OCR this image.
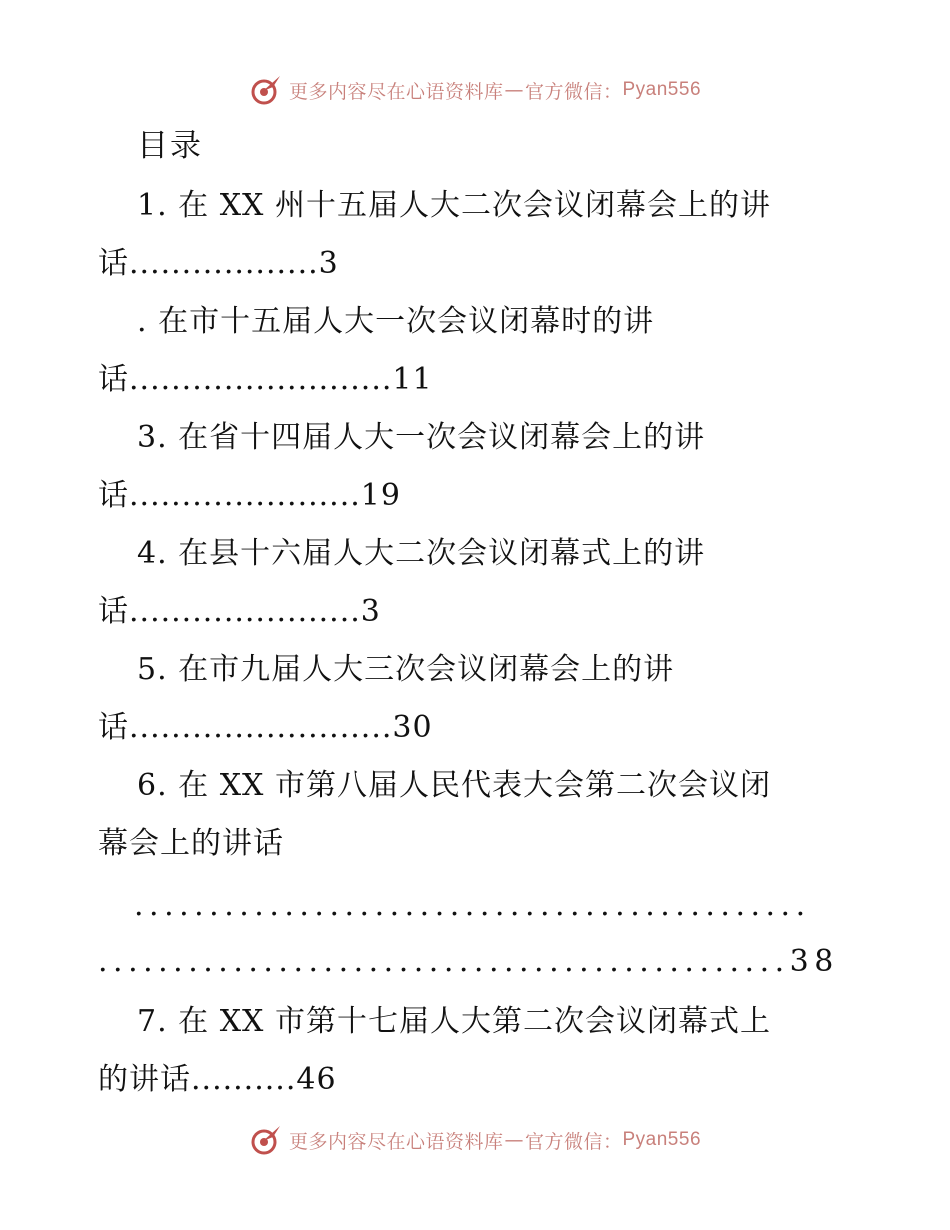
更多内容尽在心语资料库 — 官方微信： Pyan556
目录
1. 在 XX 州十五届人大二次会议闭幕会上的讲
话..................3
. 在市十五届人大一次会议闭幕时的讲
话.........................11
3. 在省十四届人大一次会议闭幕会上的讲
话......................19
4. 在县十六届人大二次会议闭幕式上的讲
话......................3
5. 在市九届人大三次会议闭幕会上的讲
话.........................30
6. 在 XX 市第八届人民代表大会第二次会议闭
幕会上的讲话
.............................................
..............................................38
7. 在 XX 市第十七届人大第二次会议闭幕式上
的讲话..........46
更多内容尽在心语资料库 — 官方微信： Pyan556
